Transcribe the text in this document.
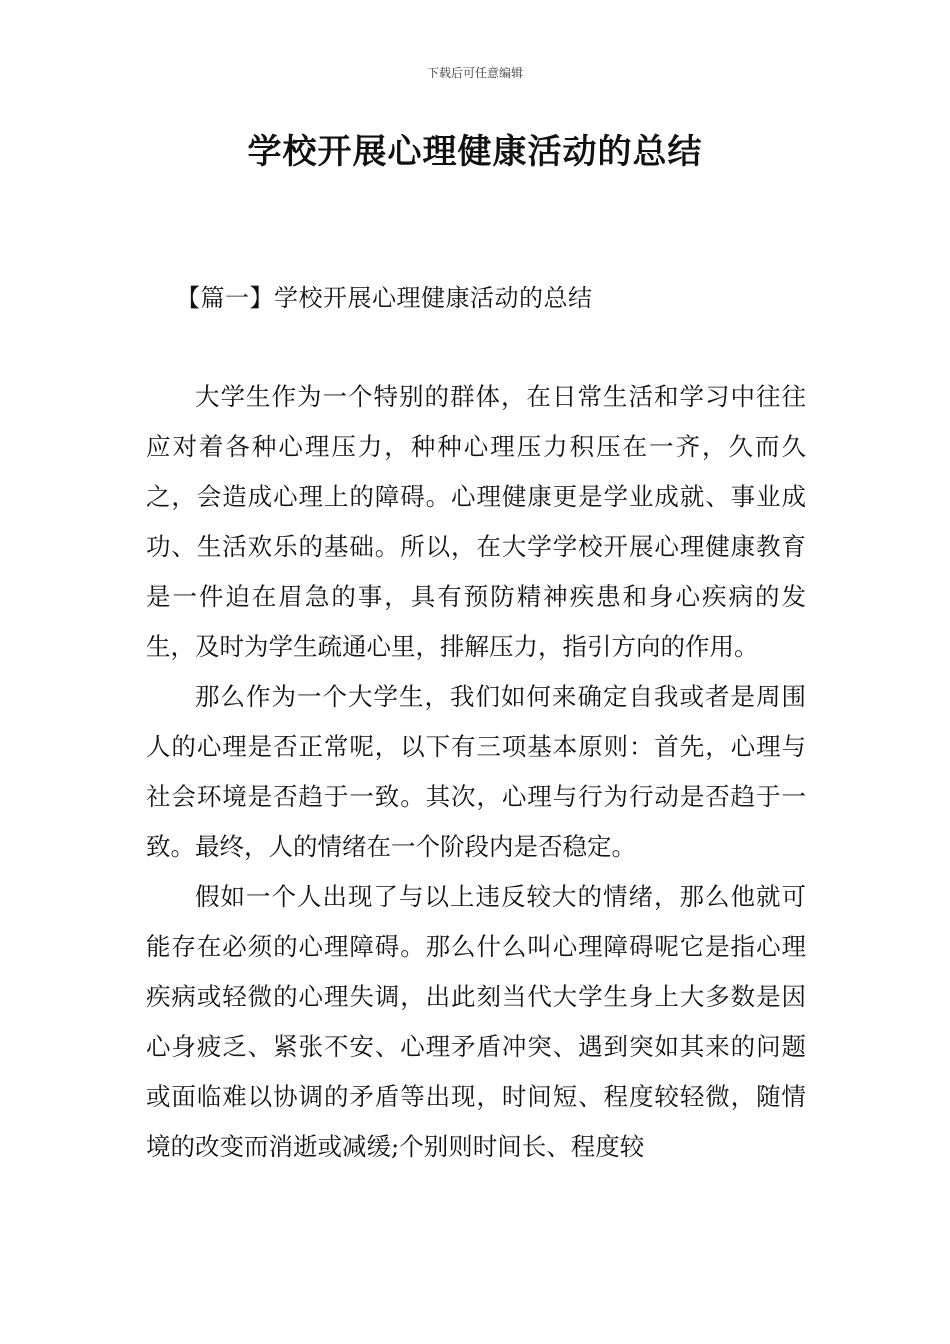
下载后可任意编辑
学校开展心理健康活动的总结
【篇一】学校开展心理健康活动的总结

大学生作为一个特别的群体，在日常生活和学习中往往应对着各种心理压力，种种心理压力积压在一齐，久而久之，会造成心理上的障碍。心理健康更是学业成就、事业成功、生活欢乐的基础。所以，在大学学校开展心理健康教育是一件迫在眉急的事，具有预防精神疾患和身心疾病的发生，及时为学生疏通心里，排解压力，指引方向的作用。

那么作为一个大学生，我们如何来确定自我或者是周围人的心理是否正常呢，以下有三项基本原则：首先，心理与社会环境是否趋于一致。其次，心理与行为行动是否趋于一致。最终，人的情绪在一个阶段内是否稳定。

假如一个人出现了与以上违反较大的情绪，那么他就可能存在必须的心理障碍。那么什么叫心理障碍呢它是指心理疾病或轻微的心理失调，出此刻当代大学生身上大多数是因心身疲乏、紧张不安、心理矛盾冲突、遇到突如其来的问题或面临难以协调的矛盾等出现，时间短、程度较轻微，随情境的改变而消逝或减缓;个别则时间长、程度较
